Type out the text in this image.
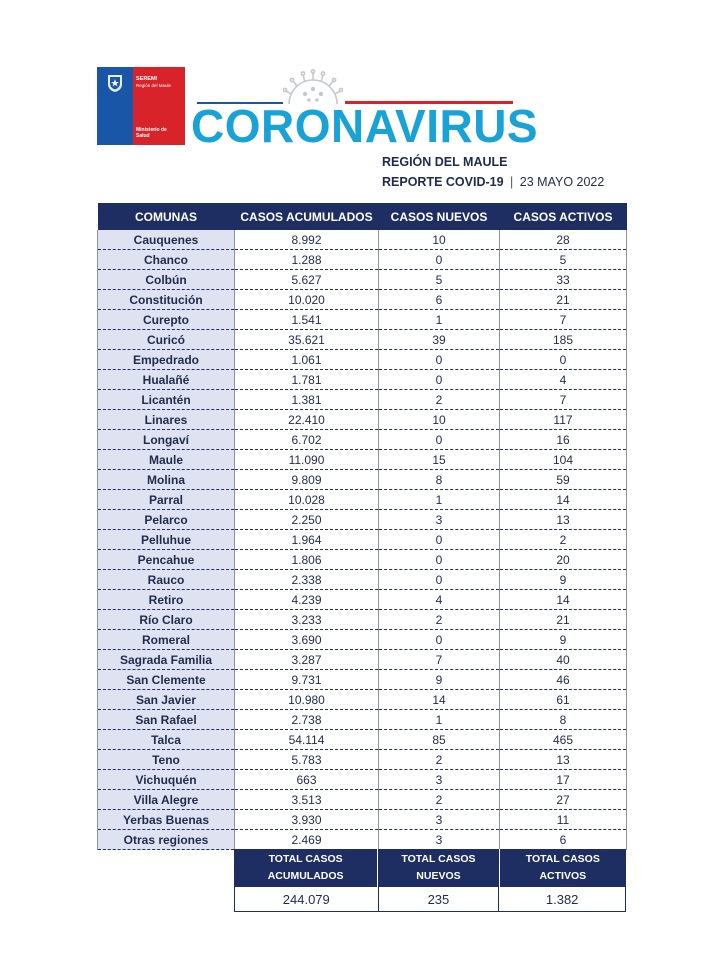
SEREMI
Región del Maule
Ministerio de Salud CORONAVIRUS
REGIÓN DEL MAULE
REPORTE COVID-19 | 23 MAYO 2022
COMUNAS	CASOS ACUMULADOS	CASOS NUEVOS	CASOS ACTIVOS
Cauquenes	8.992	10	28
Chanco	1.288	0	5
Colbún	5.627	5	33
Constitución	10.020	6	21
Curepto	1.541	1	7
Curicó	35.621	39	185
Empedrado	1.061	0	0
Hualañé	1.781	0	4
Licantén	1.381	2	7
Linares	22.410	10	117
Longaví	6.702	0	16
Maule	11.090	15	104
Molina	9.809	8	59
Parral	10.028	1	14
Pelarco	2.250	3	13
Pelluhue	1.964	0	2
Pencahue	1.806	0	20
Rauco	2.338	0	9
Retiro	4.239	4	14
Río Claro	3.233	2	21
Romeral	3.690	0	9
Sagrada Familia	3.287	7	40
San Clemente	9.731	9	46
San Javier	10.980	14	61
San Rafael	2.738	1	8
Talca	54.114	85	465
Teno	5.783	2	13
Vichuquén	663	3	17
Villa Alegre	3.513	2	27
Yerbas Buenas	3.930	3	11
Otras regiones	2.469	3	6
TOTAL CASOS
ACUMULADOS
TOTAL CASOS
NUEVOS
TOTAL CASOS
ACTIVOS
244.079	235	1.382
